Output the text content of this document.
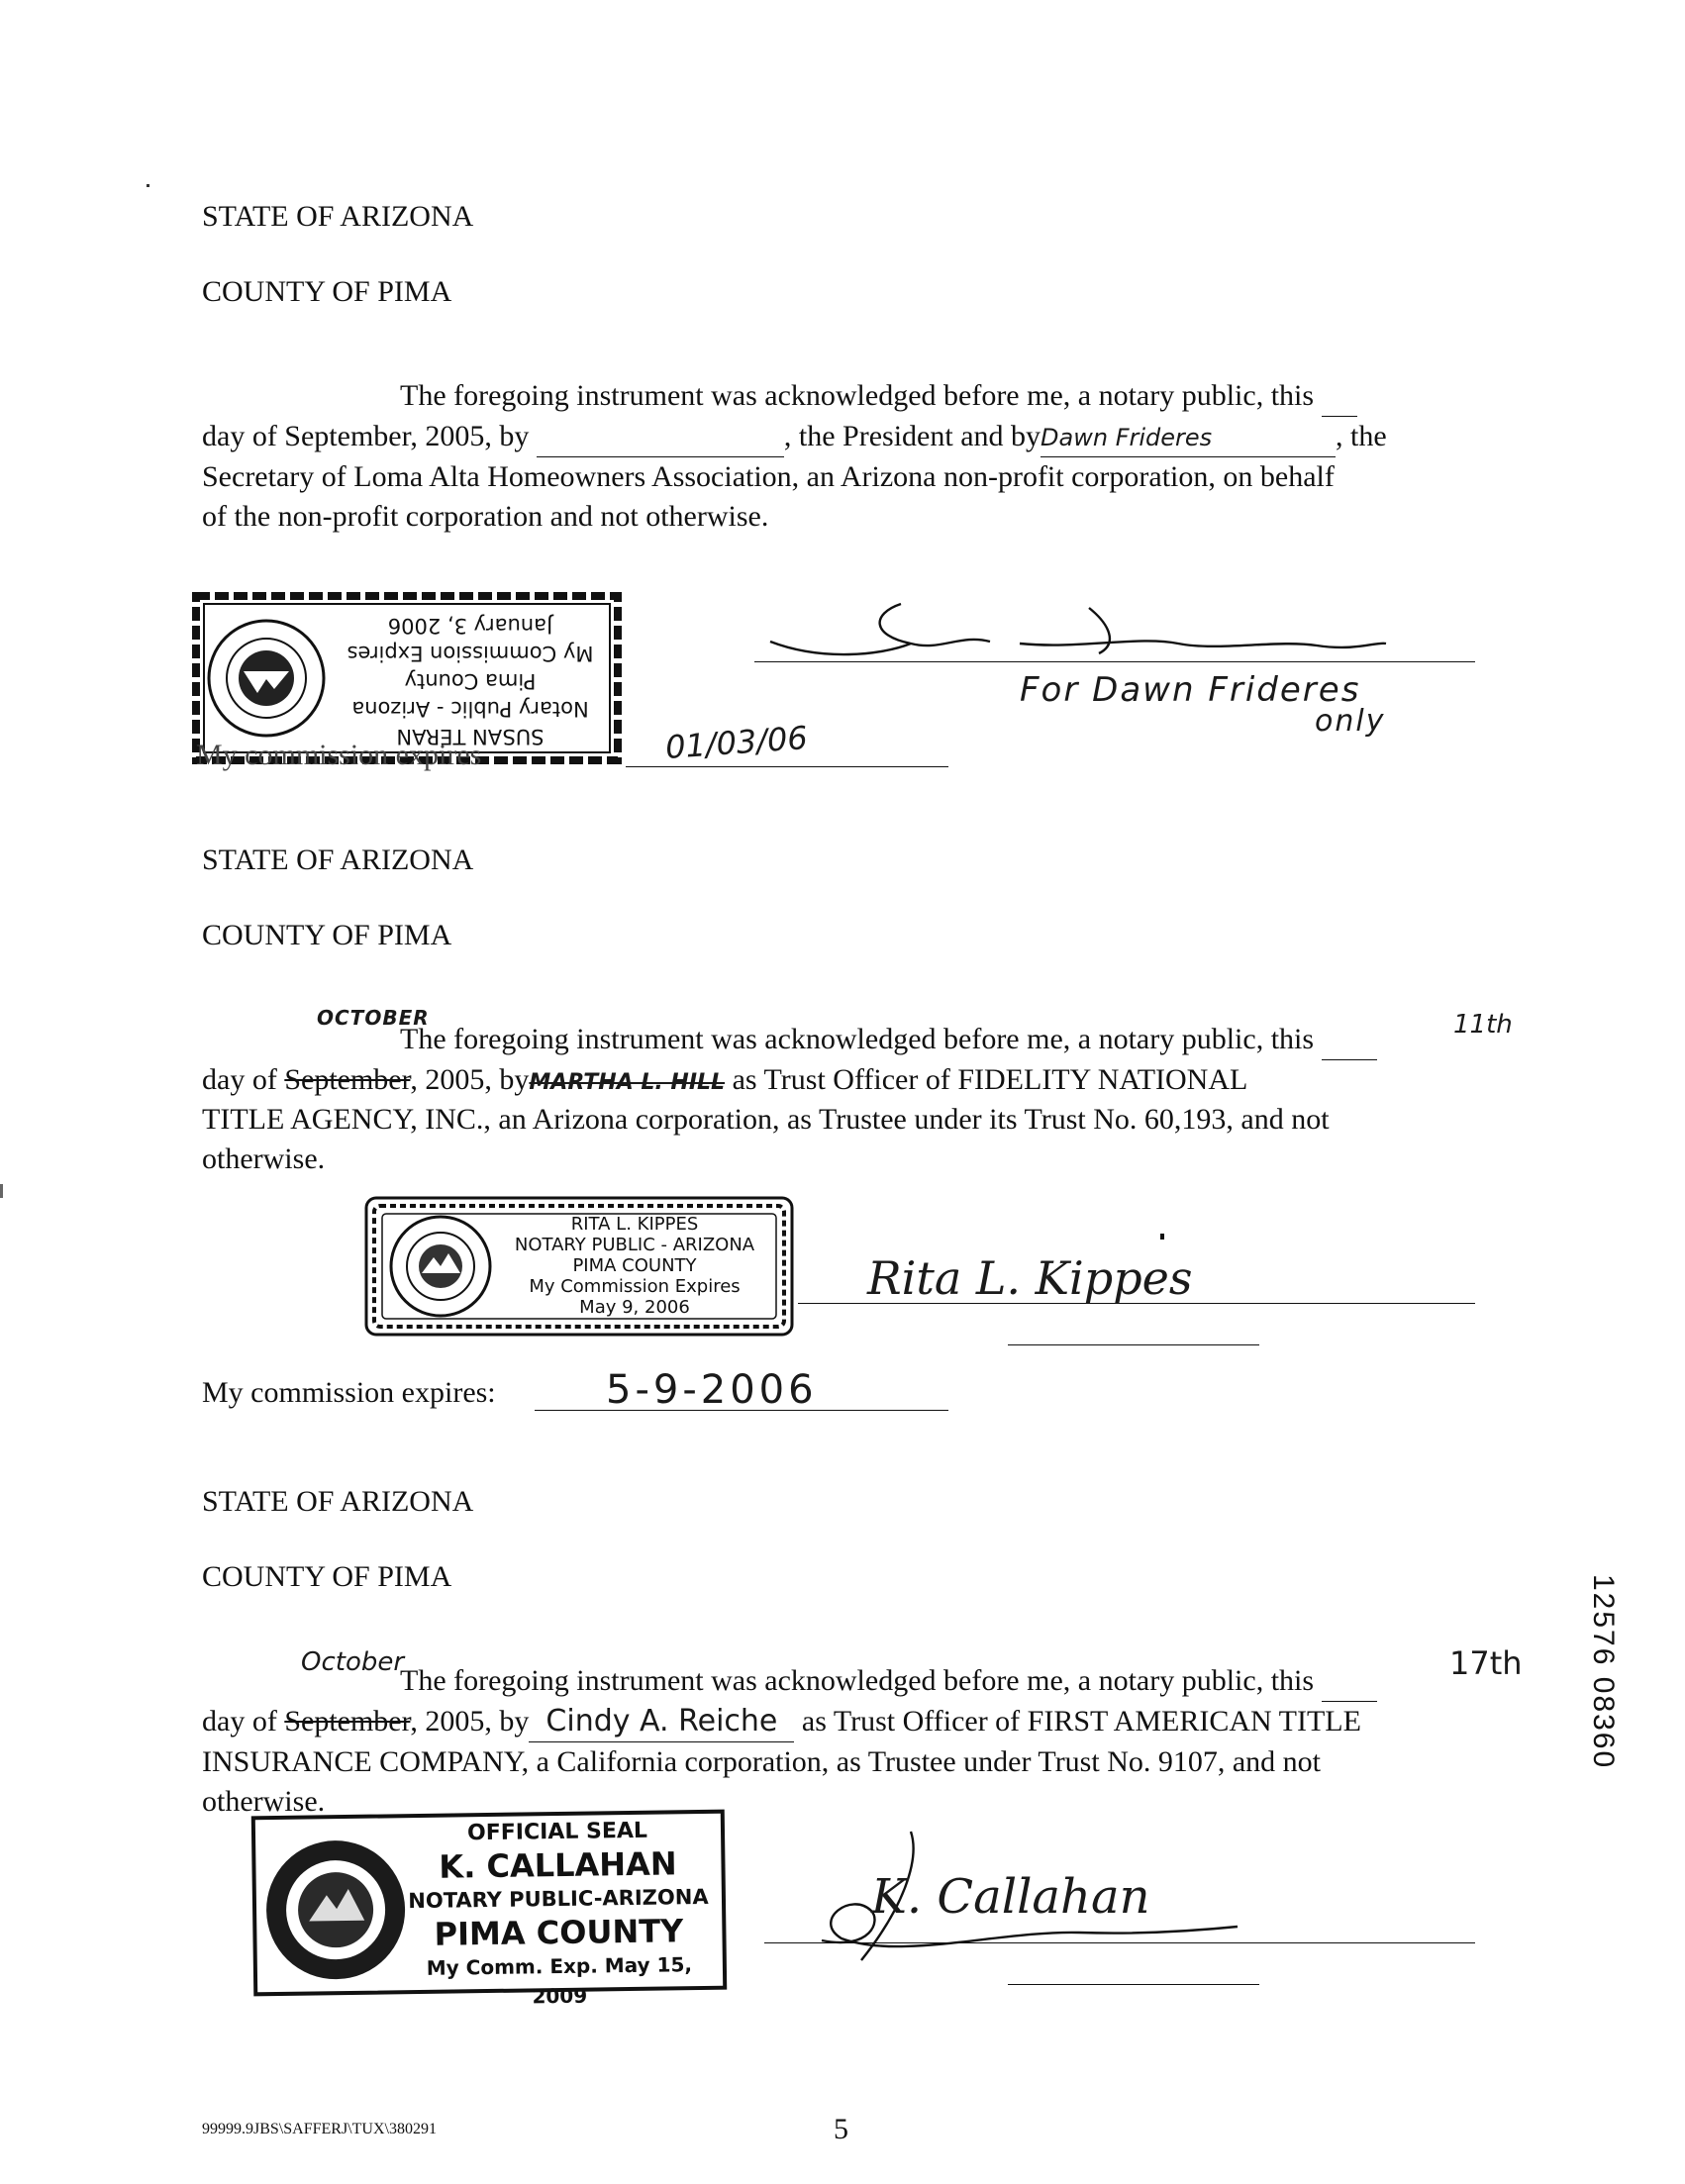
STATE OF ARIZONA
COUNTY OF PIMA
The foregoing instrument was acknowledged before me, a notary public, this
day of September, 2005, by	, the President and byDawn Frideres	, the
Secretary of Loma Alta Homeowners Association, an Arizona non-profit corporation, on behalf
of the non-profit corporation and not otherwise.
SUSAN TERAN
Notary Public - Arizona
Pima County
My Commission Expires
January 3, 2006
My commission expires	01/03/06
For Dawn Frideres
only
STATE OF ARIZONA
COUNTY OF PIMA
OCTOBER	11th
The foregoing instrument was acknowledged before me, a notary public, this
day of September, 2005, byMARTHA L. HILL as Trust Officer of FIDELITY NATIONAL
TITLE AGENCY, INC., an Arizona corporation, as Trustee under its Trust No. 60,193, and not
otherwise.
RITA L. KIPPES
NOTARY PUBLIC - ARIZONA
PIMA COUNTY
My Commission Expires
May 9, 2006
Rita L. Kippes
My commission expires:	5-9-2006
STATE OF ARIZONA
COUNTY OF PIMA
October	17th
The foregoing instrument was acknowledged before me, a notary public, this
day of September, 2005, by Cindy A. Reiche as Trust Officer of FIRST AMERICAN TITLE
INSURANCE COMPANY, a California corporation, as Trustee under Trust No. 9107, and not
otherwise.
OFFICIAL SEAL
K. CALLAHAN
NOTARY PUBLIC-ARIZONA
PIMA COUNTY
My Comm. Exp. May 15, 2009
K. Callahan
99999.9JBS\SAFFERJ\TUX\380291	5
12576 08360
